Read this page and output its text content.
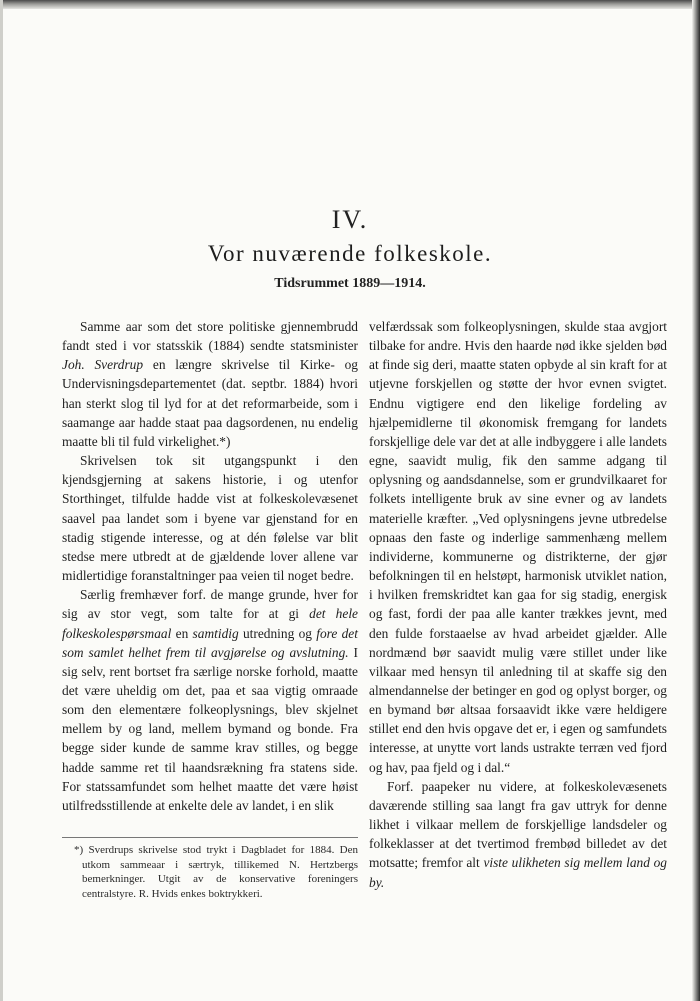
IV.
Vor nuværende folkeskole.
Tidsrummet 1889—1914.

Samme aar som det store politiske gjennembrudd fandt sted i vor statsskik (1884) sendte statsminister Joh. Sverdrup en længre skrivelse til Kirke- og Undervisningsdepartementet (dat. septbr. 1884) hvori han sterkt slog til lyd for at det reformarbeide, som i saamange aar hadde staat paa dagsordenen, nu endelig maatte bli til fuld virkelighet.*)

Skrivelsen tok sit utgangspunkt i den kjendsgjerning at sakens historie, i og utenfor Storthinget, tilfulde hadde vist at folkeskolevæsenet saavel paa landet som i byene var gjenstand for en stadig stigende interesse, og at dén følelse var blit stedse mere utbredt at de gjældende lover allene var midlertidige foranstaltninger paa veien til noget bedre.

Særlig fremhæver forf. de mange grunde, hver for sig av stor vegt, som talte for at gi det hele folkeskolespørsmaal en samtidig utredning og fore det som samlet helhet frem til avgjørelse og avslutning. I sig selv, rent bortset fra særlige norske forhold, maatte det være uheldig om det, paa et saa vigtig omraade som den elementære folkeoplysnings, blev skjelnet mellem by og land, mellem bymand og bonde. Fra begge sider kunde de samme krav stilles, og begge hadde samme ret til haandsrækning fra statens side. For statssamfundet som helhet maatte det være høist utilfredsstillende at enkelte dele av landet, i en slik

velfærdssak som folkeoplysningen, skulde staa avgjort tilbake for andre. Hvis den haarde nød ikke sjelden bød at finde sig deri, maatte staten opbyde al sin kraft for at utjevne forskjellen og støtte der hvor evnen svigtet. Endnu vigtigere end den likelige fordeling av hjælpemidlerne til økonomisk fremgang for landets forskjellige dele var det at alle indbyggere i alle landets egne, saavidt mulig, fik den samme adgang til oplysning og aandsdannelse, som er grundvilkaaret for folkets intelligente bruk av sine evner og av landets materielle kræfter. „Ved oplysningens jevne utbredelse opnaas den faste og inderlige sammenhæng mellem individerne, kommunerne og distrikterne, der gjør befolkningen til en helstøpt, harmonisk utviklet nation, i hvilken fremskridtet kan gaa for sig stadig, energisk og fast, fordi der paa alle kanter trækkes jevnt, med den fulde forstaaelse av hvad arbeidet gjælder. Alle nordmænd bør saavidt mulig være stillet under like vilkaar med hensyn til anledning til at skaffe sig den almendannelse der betinger en god og oplyst borger, og en bymand bør altsaa forsaavidt ikke være heldigere stillet end den hvis opgave det er, i egen og samfundets interesse, at unytte vort lands ustrakte terræn ved fjord og hav, paa fjeld og i dal.“

Forf. paapeker nu videre, at folkeskolevæsenets daværende stilling saa langt fra gav uttryk for denne likhet i vilkaar mellem de forskjellige landsdeler og folkeklasser at det tvertimod frembød billedet av det motsatte; fremfor alt viste ulikheten sig mellem land og by.

*) Sverdrups skrivelse stod trykt i Dagbladet for 1884. Den utkom sammeaar i særtryk, tillikemed N. Hertzbergs bemerkninger. Utgit av de konservative foreningers centralstyre. R. Hvids enkes boktrykkeri.
